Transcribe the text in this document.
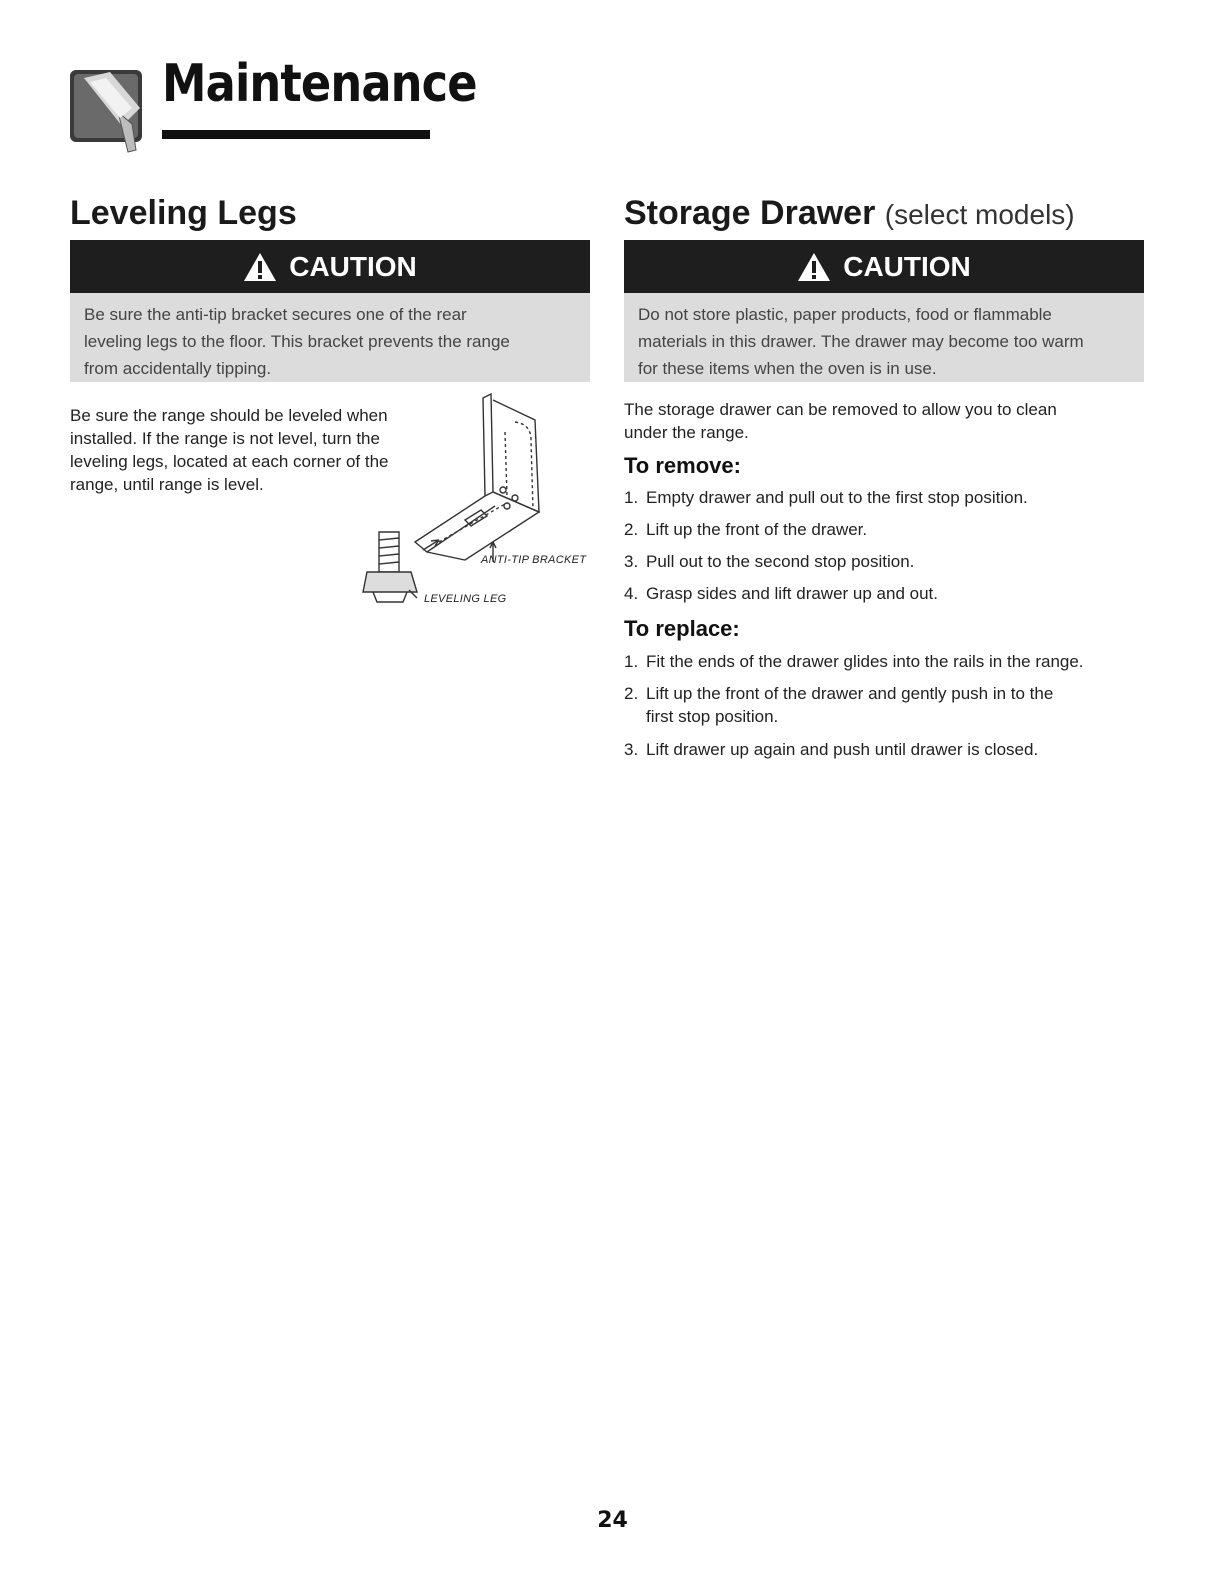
Maintenance
Leveling Legs
CAUTION
Be sure the anti-tip bracket secures one of the rear
leveling legs to the floor. This bracket prevents the range
from accidentally tipping.
Be sure the range should be leveled when
installed. If the range is not level, turn the
leveling legs, located at each corner of the
range, until range is level.
ANTI-TIP BRACKET
LEVELING LEG
Storage Drawer (select models)
CAUTION
Do not store plastic, paper products, food or flammable
materials in this drawer. The drawer may become too warm
for these items when the oven is in use.
The storage drawer can be removed to allow you to clean
under the range.
To remove:
1. Empty drawer and pull out to the first stop position.
2. Lift up the front of the drawer.
3. Pull out to the second stop position.
4. Grasp sides and lift drawer up and out.
To replace:
1. Fit the ends of the drawer glides into the rails in the range.
2. Lift up the front of the drawer and gently push in to the
first stop position.
3. Lift drawer up again and push until drawer is closed.
24
